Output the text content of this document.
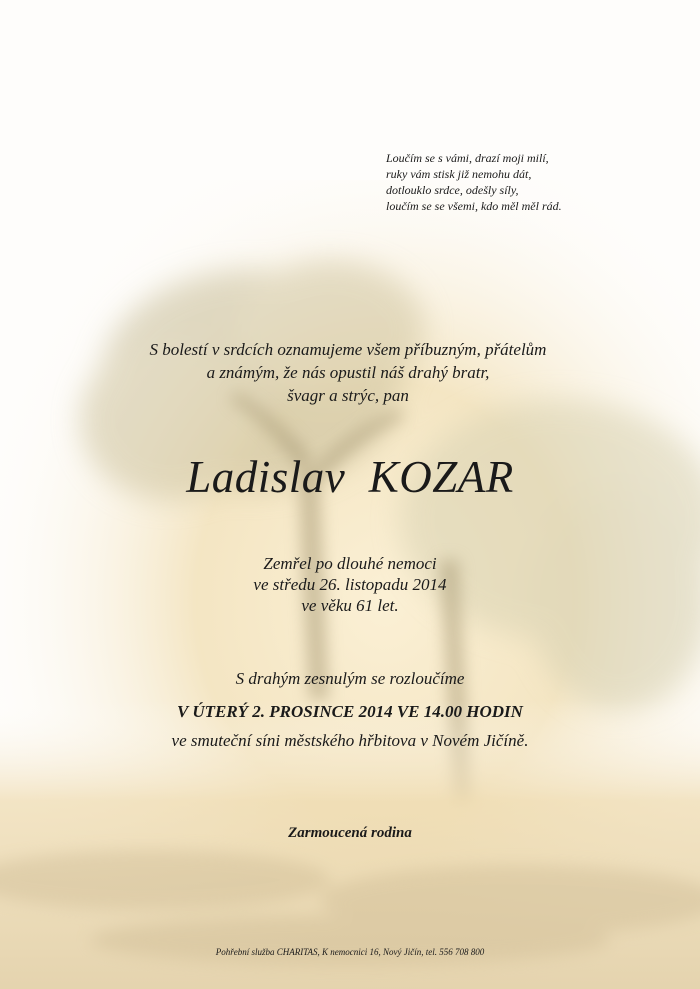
Loučím se s vámi, drazí moji milí,
ruky vám stisk již nemohu dát,
dotlouklo srdce, odešly síly,
loučím se se všemi, kdo měl měl rád.
S bolestí v srdcích oznamujeme všem příbuzným, přátelům
a známým, že nás opustil náš drahý bratr,
švagr a strýc, pan
Ladislav KOZAR
Zemřel po dlouhé nemoci
ve středu 26. listopadu 2014
ve věku 61 let.
S drahým zesnulým se rozloučíme
V ÚTERÝ 2. PROSINCE 2014 VE 14.00 HODIN
ve smuteční síni městského hřbitova v Novém Jičíně.
Zarmoucená rodina
Pohřební služba CHARITAS, K nemocnici 16, Nový Jičín, tel. 556 708 800
